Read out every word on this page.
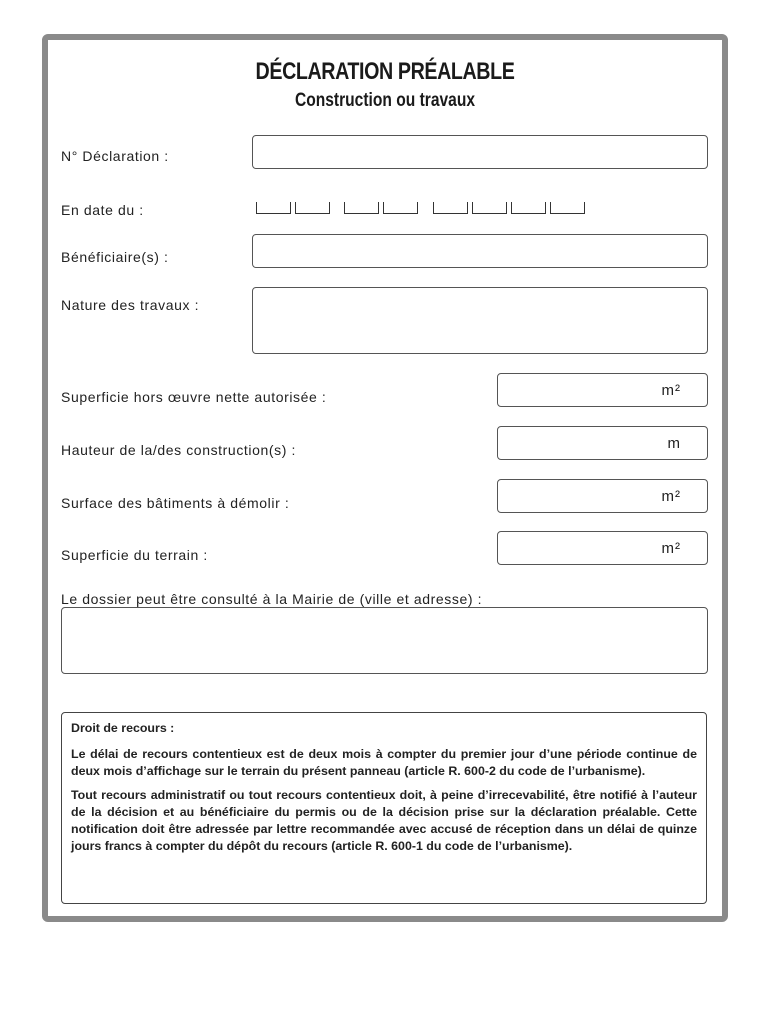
DÉCLARATION PRÉALABLE
Construction ou travaux
N° Déclaration :
En date du :
Bénéficiaire(s) :
Nature des travaux :
Superficie hors œuvre nette autorisée :	m²
Hauteur de la/des construction(s) :	m
Surface des bâtiments à démolir :	m²
Superficie du terrain :	m²
Le dossier peut être consulté à la Mairie de (ville et adresse) :

Droit de recours :

Le délai de recours contentieux est de deux mois à compter du premier jour d’une période continue de deux mois d’affichage sur le terrain du présent panneau (article R. 600-2 du code de l’urbanisme).

Tout recours administratif ou tout recours contentieux doit, à peine d’irrecevabilité, être notifié à l’auteur de la décision et au bénéficiaire du permis ou de la décision prise sur la déclaration préalable. Cette notification doit être adressée par lettre recommandée avec accusé de réception dans un délai de quinze jours francs à compter du dépôt du recours (article R. 600-1 du code de l’urbanisme).
